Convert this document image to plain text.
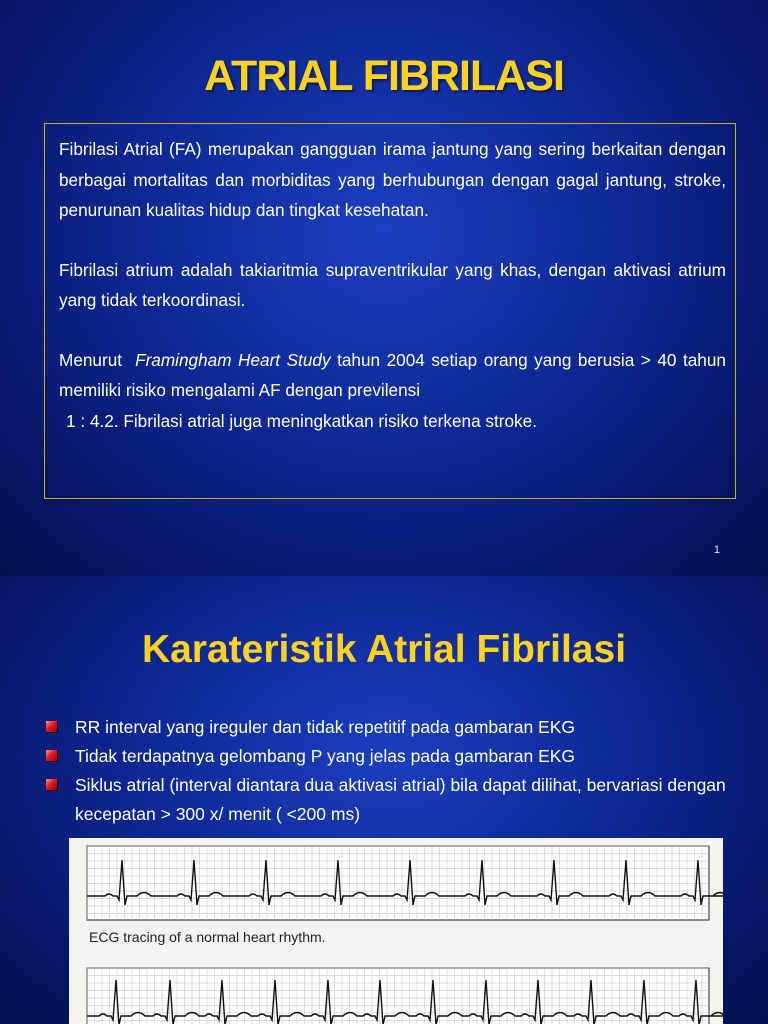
ATRIAL FIBRILASI

Fibrilasi Atrial (FA) merupakan gangguan irama jantung yang sering berkaitan dengan berbagai mortalitas dan morbiditas yang berhubungan dengan gagal jantung, stroke, penurunan kualitas hidup dan tingkat kesehatan.

Fibrilasi atrium adalah takiaritmia supraventrikular yang khas, dengan aktivasi atrium yang tidak terkoordinasi.

Menurut Framingham Heart Study tahun 2004 setiap orang yang berusia > 40 tahun memiliki risiko mengalami AF dengan previlensi
1 : 4.2. Fibrilasi atrial juga meningkatkan risiko terkena stroke.

1
Karateristik Atrial Fibrilasi
RR interval yang ireguler dan tidak repetitif pada gambaran EKG
Tidak terdapatnya gelombang P yang jelas pada gambaran EKG
Siklus atrial (interval diantara dua aktivasi atrial) bila dapat dilihat, bervariasi dengan kecepatan > 300 x/ menit ( <200 ms)
ECG tracing of a normal heart rhythm.
